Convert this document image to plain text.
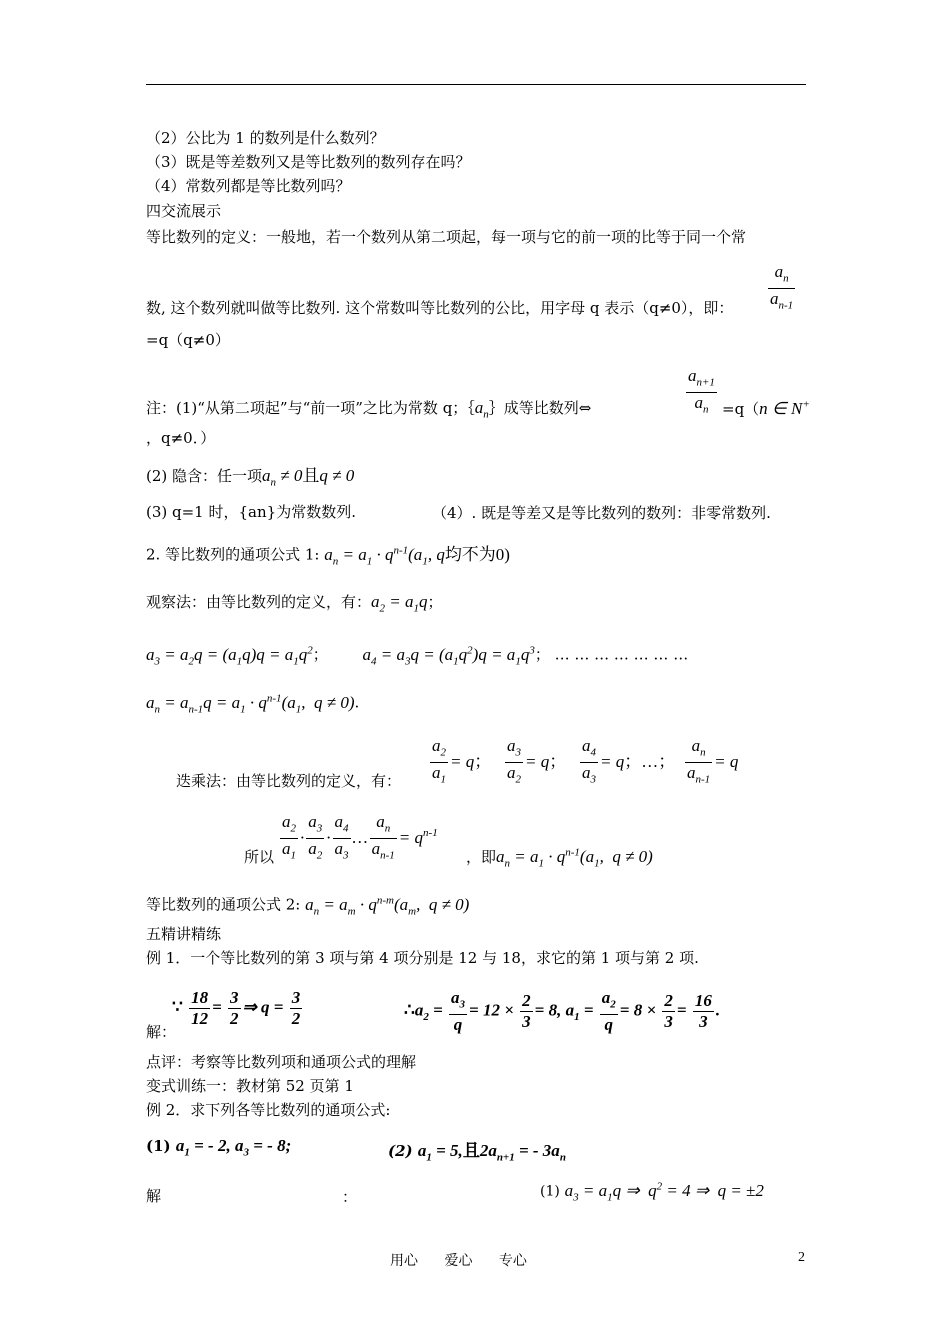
（2）公比为 1 的数列是什么数列？
（3）既是等差数列又是等比数列的数列存在吗？
（4）常数列都是等比数列吗？
四交流展示
等比数列的定义：一般地，若一个数列从第二项起，每一项与它的前一项的比等于同一个常
数, 这个数列就叫做等比数列. 这个常数叫等比数列的公比，用字母 q 表示（q≠0），即： $\frac{a_n}{a_{n-1}}$
=q（q≠0）
注：(1)“从第二项起”与“前一项”之比为常数 q；$\{a_n\}$成等比数列⇔	$\frac{a_{n+1}}{a_n} =q(n$ ∈ N+
，q≠0．）
(2) 隐含：任一项$a_n \ne 0$且q ≠ 0
(3) q=1 时，{an}为常数数列.	（4）. 既是等差又是等比数列的数列：非零常数列.
2. 等比数列的通项公式 1: $a_n = a_1 \cdot q^{n-1}(a_1$, q均不为0)
观察法：由等比数列的定义，有：$a_2 = a_1q$；
$a_3 = a_2q = (a_1q)q = a_1q^2$； $a_4 = a_3q = (a_1q^2)q = a_1q^3$； … … … … … … …
$a_n = a_{n-1}q = a_1 \cdot q^{n-1}(a_1$,  q ≠ 0).
迭乘法：由等比数列的定义，有： $\frac{a_2}{a_1} = q$； $\frac{a_3}{a_2} = q$； $\frac{a_4}{a_3} = q$；…； $\frac{a_n}{a_{n-1}} = q$
所以 $\frac{a_2}{a_1} \cdot \frac{a_3}{a_2} \cdot \frac{a_4}{a_3}$ … $\frac{a_n}{a_{n-1}} = q^{n-1}$
，即$a_n = a_1 \cdot q^{n-1}(a_1$,  q ≠ 0)
等比数列的通项公式 2: $a_n = a_m \cdot q^{n-m}(a_m$,  q ≠ 0)
五精讲精练
例 1．一个等比数列的第 3 项与第 4 项分别是 12 与 18，求它的第 1 项与第 2 项.
解：
∵ $\frac{18}{12} = \frac{3}{2}$ ⇒ $q = \frac{3}{2}$	$\therefore a_2 = \frac{a_3}{q} = 12 \times \frac{2}{3} = 8$, $a_1 = \frac{a_2}{q} = 8 \times \frac{2}{3} = \frac{16}{3}$ .
点评：考察等比数列项和通项公式的理解
变式训练一：教材第 52 页第 1
例 2．求下列各等比数列的通项公式:
(1) $a_1$ = - 2, $a_3$ = - 8;	(2) $a_1 = 5$,且$2a_{n+1}$ = - $3a_n$
解	：	(1) $a_3 = a_1q$ ⇒  $q^2 = 4$ ⇒  q = ±2
用心 爱心 专心	2
